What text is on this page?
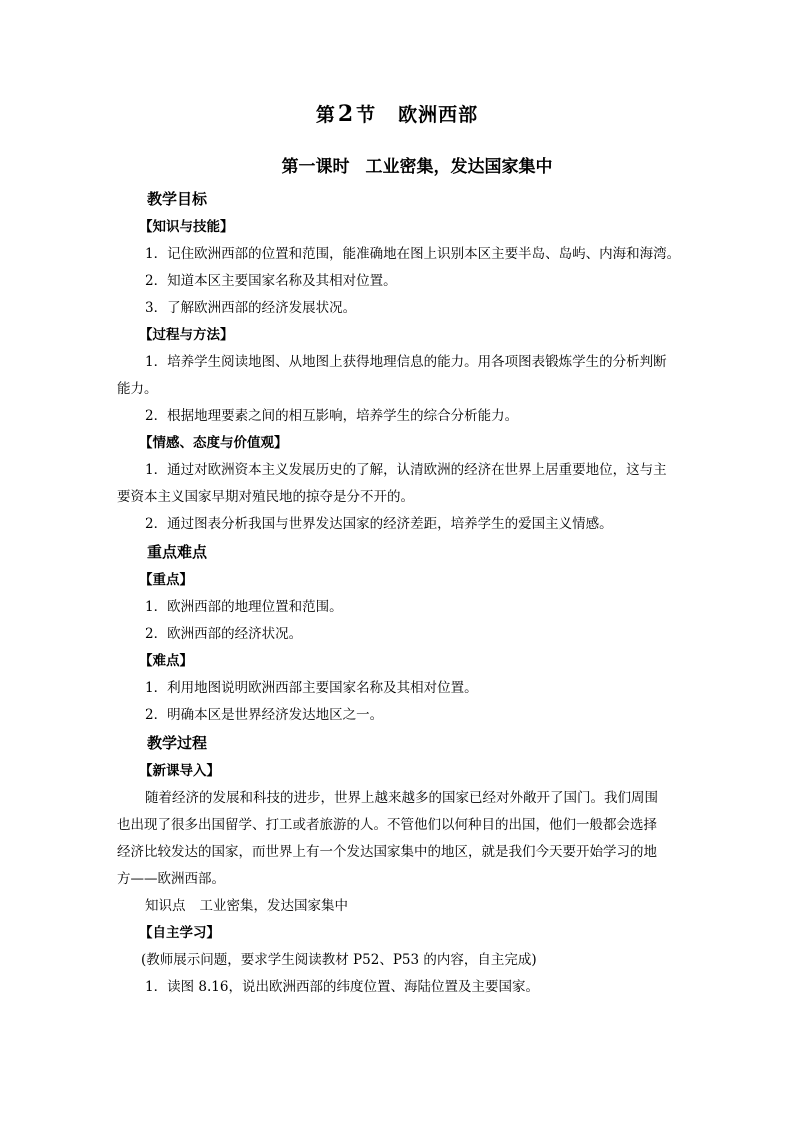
第2 节 欧洲西部
第一课时 工业密集，发达国家集中
教学目标
【知识与技能】
1．记住欧洲西部的位置和范围，能准确地在图上识别本区主要半岛、岛屿、内海和海湾。
2．知道本区主要国家名称及其相对位置。
3．了解欧洲西部的经济发展状况。
【过程与方法】
1．培养学生阅读地图、从地图上获得地理信息的能力。用各项图表锻炼学生的分析判断
能力。
2．根据地理要素之间的相互影响，培养学生的综合分析能力。
【情感、态度与价值观】
1．通过对欧洲资本主义发展历史的了解，认清欧洲的经济在世界上居重要地位，这与主
要资本主义国家早期对殖民地的掠夺是分不开的。
2．通过图表分析我国与世界发达国家的经济差距，培养学生的爱国主义情感。
重点难点
【重点】
1．欧洲西部的地理位置和范围。
2．欧洲西部的经济状况。
【难点】
1．利用地图说明欧洲西部主要国家名称及其相对位置。
2．明确本区是世界经济发达地区之一。
教学过程
【新课导入】
随着经济的发展和科技的进步，世界上越来越多的国家已经对外敞开了国门。我们周围
也出现了很多出国留学、打工或者旅游的人。不管他们以何种目的出国，他们一般都会选择
经济比较发达的国家，而世界上有一个发达国家集中的地区，就是我们今天要开始学习的地
方——欧洲西部。
知识点 工业密集，发达国家集中
【自主学习】
(教师展示问题，要求学生阅读教材 P52、P53 的内容，自主完成)
1．读图 8.16，说出欧洲西部的纬度位置、海陆位置及主要国家。
